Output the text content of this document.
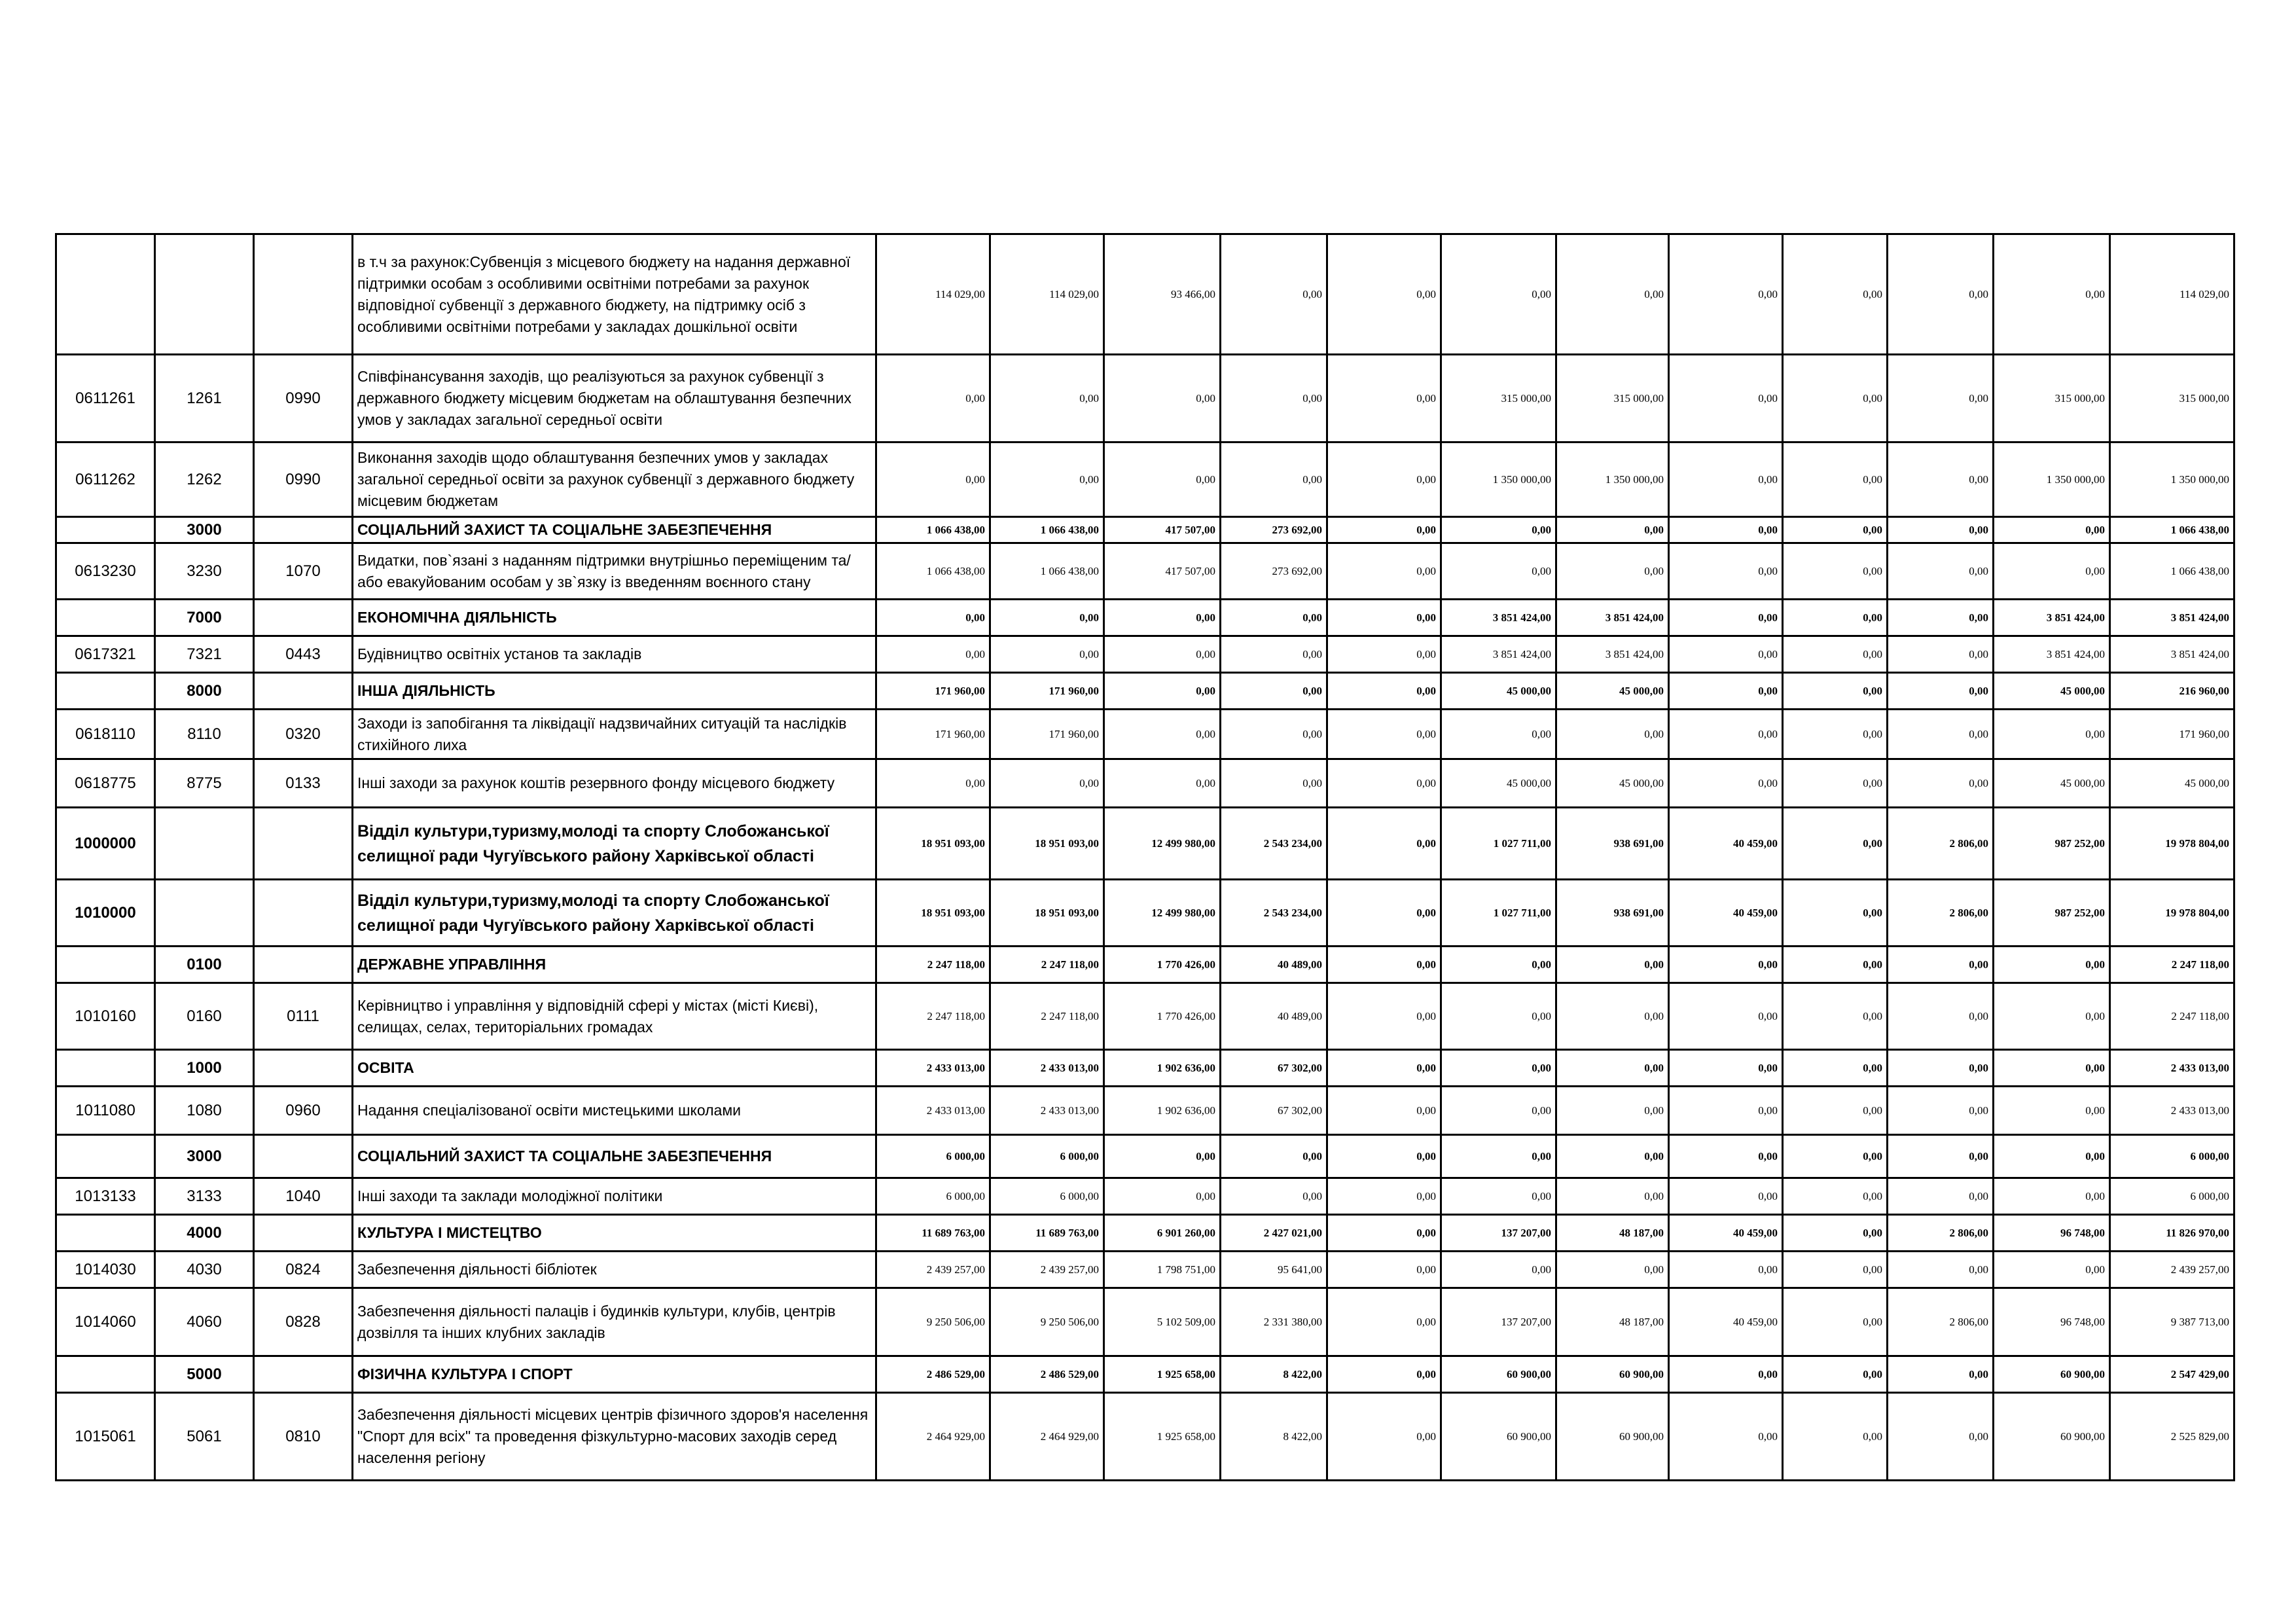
			в т.ч за рахунок:Субвенція з місцевого бюджету на надання державної підтримки особам з особливими освітніми потребами за рахунок відповідної субвенції з державного бюджету, на підтримку осіб з особливими освітніми потребами у закладах дошкільної освіти	114 029,00	114 029,00	93 466,00	0,00	0,00	0,00	0,00	0,00	0,00	0,00	0,00	114 029,00
0611261	1261	0990	Співфінансування заходів, що реалізуються за рахунок субвенції з державного бюджету місцевим бюджетам на облаштування безпечних умов у закладах загальної середньої освіти	0,00	0,00	0,00	0,00	0,00	315 000,00	315 000,00	0,00	0,00	0,00	315 000,00	315 000,00
0611262	1262	0990	Виконання заходів щодо облаштування безпечних умов у закладах загальної середньої освіти за рахунок субвенції з державного бюджету місцевим бюджетам	0,00	0,00	0,00	0,00	0,00	1 350 000,00	1 350 000,00	0,00	0,00	0,00	1 350 000,00	1 350 000,00
	3000		СОЦІАЛЬНИЙ ЗАХИСТ ТА СОЦІАЛЬНЕ ЗАБЕЗПЕЧЕННЯ	1 066 438,00	1 066 438,00	417 507,00	273 692,00	0,00	0,00	0,00	0,00	0,00	0,00	0,00	1 066 438,00
0613230	3230	1070	Видатки, пов`язані з наданням підтримки внутрішньо переміщеним та/або евакуйованим особам у зв`язку із введенням воєнного стану	1 066 438,00	1 066 438,00	417 507,00	273 692,00	0,00	0,00	0,00	0,00	0,00	0,00	0,00	1 066 438,00
	7000		ЕКОНОМІЧНА ДІЯЛЬНІСТЬ	0,00	0,00	0,00	0,00	0,00	3 851 424,00	3 851 424,00	0,00	0,00	0,00	3 851 424,00	3 851 424,00
0617321	7321	0443	Будівництво освітніх установ та закладів	0,00	0,00	0,00	0,00	0,00	3 851 424,00	3 851 424,00	0,00	0,00	0,00	3 851 424,00	3 851 424,00
	8000		ІНША ДІЯЛЬНІСТЬ	171 960,00	171 960,00	0,00	0,00	0,00	45 000,00	45 000,00	0,00	0,00	0,00	45 000,00	216 960,00
0618110	8110	0320	Заходи із запобігання та ліквідації надзвичайних ситуацій та наслідків стихійного лиха	171 960,00	171 960,00	0,00	0,00	0,00	0,00	0,00	0,00	0,00	0,00	0,00	171 960,00
0618775	8775	0133	Інші заходи за рахунок коштів резервного фонду місцевого бюджету	0,00	0,00	0,00	0,00	0,00	45 000,00	45 000,00	0,00	0,00	0,00	45 000,00	45 000,00
1000000			Відділ культури,туризму,молоді та спорту Слобожанської селищної ради Чугуївського району Харківської області	18 951 093,00	18 951 093,00	12 499 980,00	2 543 234,00	0,00	1 027 711,00	938 691,00	40 459,00	0,00	2 806,00	987 252,00	19 978 804,00
1010000			Відділ культури,туризму,молоді та спорту Слобожанської селищної ради Чугуївського району Харківської області	18 951 093,00	18 951 093,00	12 499 980,00	2 543 234,00	0,00	1 027 711,00	938 691,00	40 459,00	0,00	2 806,00	987 252,00	19 978 804,00
	0100		ДЕРЖАВНЕ УПРАВЛІННЯ	2 247 118,00	2 247 118,00	1 770 426,00	40 489,00	0,00	0,00	0,00	0,00	0,00	0,00	0,00	2 247 118,00
1010160	0160	0111	Керівництво і управління у відповідній сфері у містах (місті Києві), селищах, селах, територіальних громадах	2 247 118,00	2 247 118,00	1 770 426,00	40 489,00	0,00	0,00	0,00	0,00	0,00	0,00	0,00	2 247 118,00
	1000		ОСВІТА	2 433 013,00	2 433 013,00	1 902 636,00	67 302,00	0,00	0,00	0,00	0,00	0,00	0,00	0,00	2 433 013,00
1011080	1080	0960	Надання спеціалізованої освіти мистецькими школами	2 433 013,00	2 433 013,00	1 902 636,00	67 302,00	0,00	0,00	0,00	0,00	0,00	0,00	0,00	2 433 013,00
	3000		СОЦІАЛЬНИЙ ЗАХИСТ ТА СОЦІАЛЬНЕ ЗАБЕЗПЕЧЕННЯ	6 000,00	6 000,00	0,00	0,00	0,00	0,00	0,00	0,00	0,00	0,00	0,00	6 000,00
1013133	3133	1040	Інші заходи та заклади молодіжної політики	6 000,00	6 000,00	0,00	0,00	0,00	0,00	0,00	0,00	0,00	0,00	0,00	6 000,00
	4000		КУЛЬТУРА І МИСТЕЦТВО	11 689 763,00	11 689 763,00	6 901 260,00	2 427 021,00	0,00	137 207,00	48 187,00	40 459,00	0,00	2 806,00	96 748,00	11 826 970,00
1014030	4030	0824	Забезпечення діяльності бібліотек	2 439 257,00	2 439 257,00	1 798 751,00	95 641,00	0,00	0,00	0,00	0,00	0,00	0,00	0,00	2 439 257,00
1014060	4060	0828	Забезпечення діяльності палаців і будинків культури, клубів, центрів дозвілля та інших клубних закладів	9 250 506,00	9 250 506,00	5 102 509,00	2 331 380,00	0,00	137 207,00	48 187,00	40 459,00	0,00	2 806,00	96 748,00	9 387 713,00
	5000		ФІЗИЧНА КУЛЬТУРА І СПОРТ	2 486 529,00	2 486 529,00	1 925 658,00	8 422,00	0,00	60 900,00	60 900,00	0,00	0,00	0,00	60 900,00	2 547 429,00
1015061	5061	0810	Забезпечення діяльності місцевих центрів фізичного здоров'я населення "Спорт для всіх" та проведення фізкультурно-масових заходів серед населення регіону	2 464 929,00	2 464 929,00	1 925 658,00	8 422,00	0,00	60 900,00	60 900,00	0,00	0,00	0,00	60 900,00	2 525 829,00
